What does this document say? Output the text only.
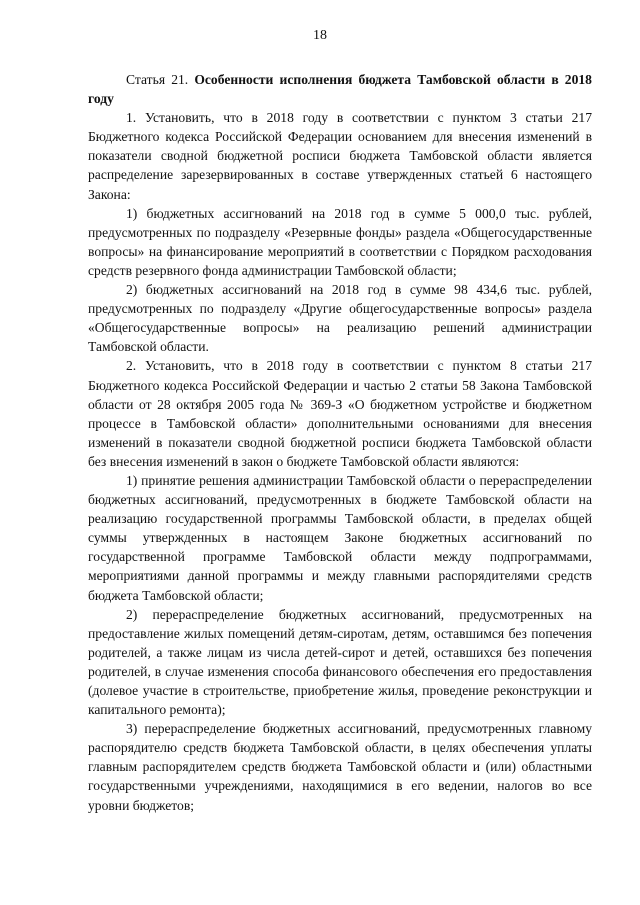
18

Статья 21. Особенности исполнения бюджета Тамбовской области в 2018 году

1. Установить, что в 2018 году в соответствии с пунктом 3 статьи 217 Бюджетного кодекса Российской Федерации основанием для внесения изменений в показатели сводной бюджетной росписи бюджета Тамбовской области является распределение зарезервированных в составе утвержденных статьей 6 настоящего Закона:

1) бюджетных ассигнований на 2018 год в сумме 5 000,0 тыс. рублей, предусмотренных по подразделу «Резервные фонды» раздела «Общегосударственные вопросы» на финансирование мероприятий в соответствии с Порядком расходования средств резервного фонда администрации Тамбовской области;

2) бюджетных ассигнований на 2018 год в сумме 98 434,6 тыс. рублей, предусмотренных по подразделу «Другие общегосударственные вопросы» раздела «Общегосударственные вопросы» на реализацию решений администрации Тамбовской области.

2. Установить, что в 2018 году в соответствии с пунктом 8 статьи 217 Бюджетного кодекса Российской Федерации и частью 2 статьи 58 Закона Тамбовской области от 28 октября 2005 года № 369-З «О бюджетном устройстве и бюджетном процессе в Тамбовской области» дополнительными основаниями для внесения изменений в показатели сводной бюджетной росписи бюджета Тамбовской области без внесения изменений в закон о бюджете Тамбовской области являются:

1) принятие решения администрации Тамбовской области о перераспределении бюджетных ассигнований, предусмотренных в бюджете Тамбовской области на реализацию государственной программы Тамбовской области, в пределах общей суммы утвержденных в настоящем Законе бюджетных ассигнований по государственной программе Тамбовской области между подпрограммами, мероприятиями данной программы и между главными распорядителями средств бюджета Тамбовской области;

2) перераспределение бюджетных ассигнований, предусмотренных на предоставление жилых помещений детям-сиротам, детям, оставшимся без попечения родителей, а также лицам из числа детей-сирот и детей, оставшихся без попечения родителей, в случае изменения способа финансового обеспечения его предоставления (долевое участие в строительстве, приобретение жилья, проведение реконструкции и капитального ремонта);

3) перераспределение бюджетных ассигнований, предусмотренных главному распорядителю средств бюджета Тамбовской области, в целях обеспечения уплаты главным распорядителем средств бюджета Тамбовской области и (или) областными государственными учреждениями, находящимися в его ведении, налогов во все уровни бюджетов;
